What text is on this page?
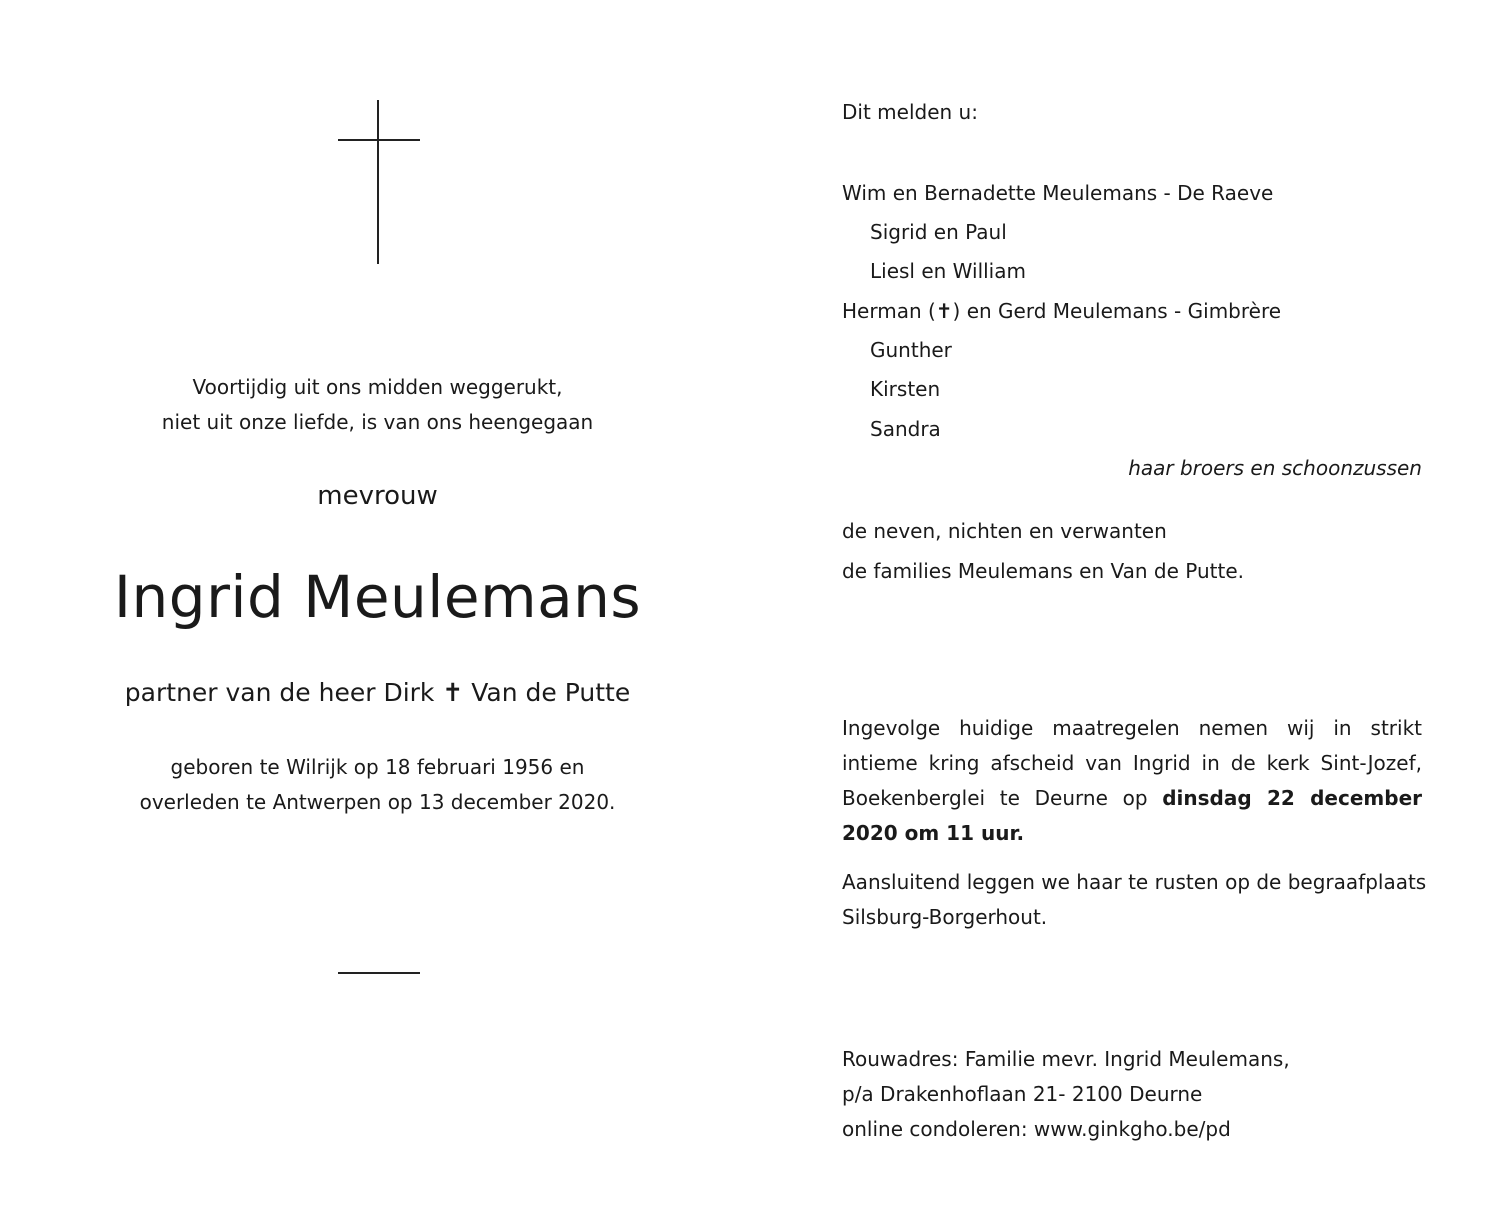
Voortijdig uit ons midden weggerukt,
niet uit onze liefde, is van ons heengegaan
mevrouw
Ingrid Meulemans
partner van de heer Dirk ✝ Van de Putte
geboren te Wilrijk op 18 februari 1956 en
overleden te Antwerpen op 13 december 2020.
Dit melden u:
Wim en Bernadette Meulemans - De Raeve
Sigrid en Paul
Liesl en William
Herman (✝) en Gerd Meulemans - Gimbrère
Gunther
Kirsten
Sandra
haar broers en schoonzussen
de neven, nichten en verwanten
de families Meulemans en Van de Putte.
Ingevolge huidige maatregelen nemen wij in strikt intieme kring afscheid van Ingrid in de kerk Sint-Jozef, Boekenberglei te Deurne op dinsdag 22 december 2020 om 11 uur.
Aansluitend leggen we haar te rusten op de begraafplaats
Silsburg-Borgerhout.
Rouwadres: Familie mevr. Ingrid Meulemans,
p/a Drakenhoflaan 21- 2100 Deurne
online condoleren: www.ginkgho.be/pd
